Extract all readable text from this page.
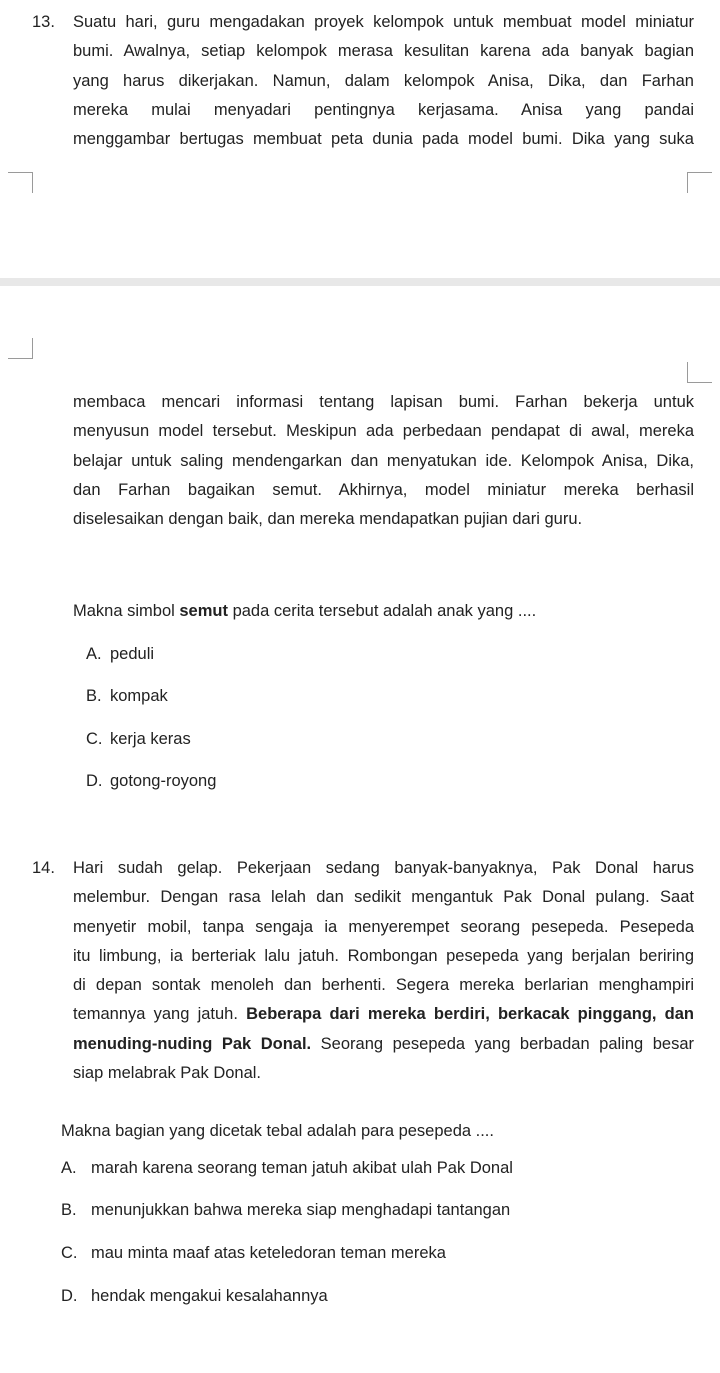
13. Suatu hari, guru mengadakan proyek kelompok untuk membuat model miniatur
bumi. Awalnya, setiap kelompok merasa kesulitan karena ada banyak bagian
yang harus dikerjakan. Namun, dalam kelompok Anisa, Dika, dan Farhan
mereka mulai menyadari pentingnya kerjasama. Anisa yang pandai
menggambar bertugas membuat peta dunia pada model bumi. Dika yang suka
membaca mencari informasi tentang lapisan bumi. Farhan bekerja untuk
menyusun model tersebut. Meskipun ada perbedaan pendapat di awal, mereka
belajar untuk saling mendengarkan dan menyatukan ide. Kelompok Anisa, Dika,
dan Farhan bagaikan semut. Akhirnya, model miniatur mereka berhasil
diselesaikan dengan baik, dan mereka mendapatkan pujian dari guru.
Makna simbol semut pada cerita tersebut adalah anak yang ....
A. peduli
B. kompak
C. kerja keras
D. gotong-royong
14. Hari sudah gelap. Pekerjaan sedang banyak-banyaknya, Pak Donal harus
melembur. Dengan rasa lelah dan sedikit mengantuk Pak Donal pulang. Saat
menyetir mobil, tanpa sengaja ia menyerempet seorang pesepeda. Pesepeda
itu limbung, ia berteriak lalu jatuh. Rombongan pesepeda yang berjalan beriring
di depan sontak menoleh dan berhenti. Segera mereka berlarian menghampiri
temannya yang jatuh. Beberapa dari mereka berdiri, berkacak pinggang, dan
menuding-nuding Pak Donal. Seorang pesepeda yang berbadan paling besar
siap melabrak Pak Donal.
Makna bagian yang dicetak tebal adalah para pesepeda ....
A. marah karena seorang teman jatuh akibat ulah Pak Donal
B. menunjukkan bahwa mereka siap menghadapi tantangan
C. mau minta maaf atas keteledoran teman mereka
D. hendak mengakui kesalahannya
